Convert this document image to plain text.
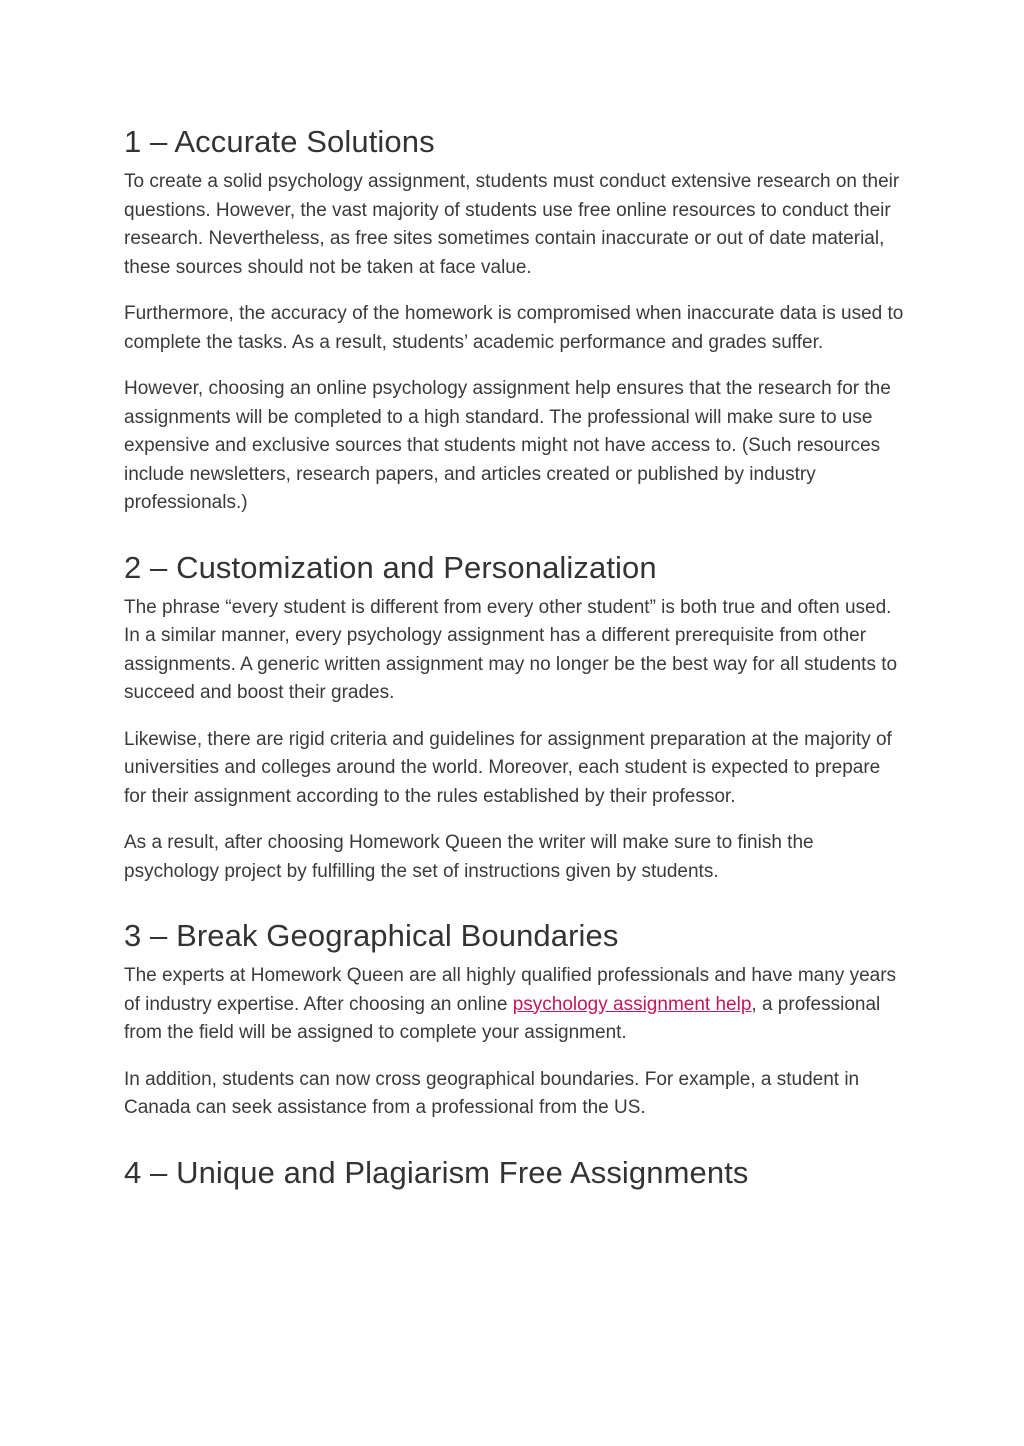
1 – Accurate Solutions

To create a solid psychology assignment, students must conduct extensive research on their questions. However, the vast majority of students use free online resources to conduct their research. Nevertheless, as free sites sometimes contain inaccurate or out of date material, these sources should not be taken at face value.

Furthermore, the accuracy of the homework is compromised when inaccurate data is used to complete the tasks. As a result, students’ academic performance and grades suffer.

However, choosing an online psychology assignment help ensures that the research for the assignments will be completed to a high standard. The professional will make sure to use expensive and exclusive sources that students might not have access to. (Such resources include newsletters, research papers, and articles created or published by industry professionals.)

2 – Customization and Personalization

The phrase “every student is different from every other student” is both true and often used. In a similar manner, every psychology assignment has a different prerequisite from other assignments. A generic written assignment may no longer be the best way for all students to succeed and boost their grades.

Likewise, there are rigid criteria and guidelines for assignment preparation at the majority of universities and colleges around the world. Moreover, each student is expected to prepare for their assignment according to the rules established by their professor.

As a result, after choosing Homework Queen the writer will make sure to finish the psychology project by fulfilling the set of instructions given by students.

3 – Break Geographical Boundaries

The experts at Homework Queen are all highly qualified professionals and have many years of industry expertise. After choosing an online psychology assignment help, a professional from the field will be assigned to complete your assignment.

In addition, students can now cross geographical boundaries. For example, a student in Canada can seek assistance from a professional from the US.

4 – Unique and Plagiarism Free Assignments
